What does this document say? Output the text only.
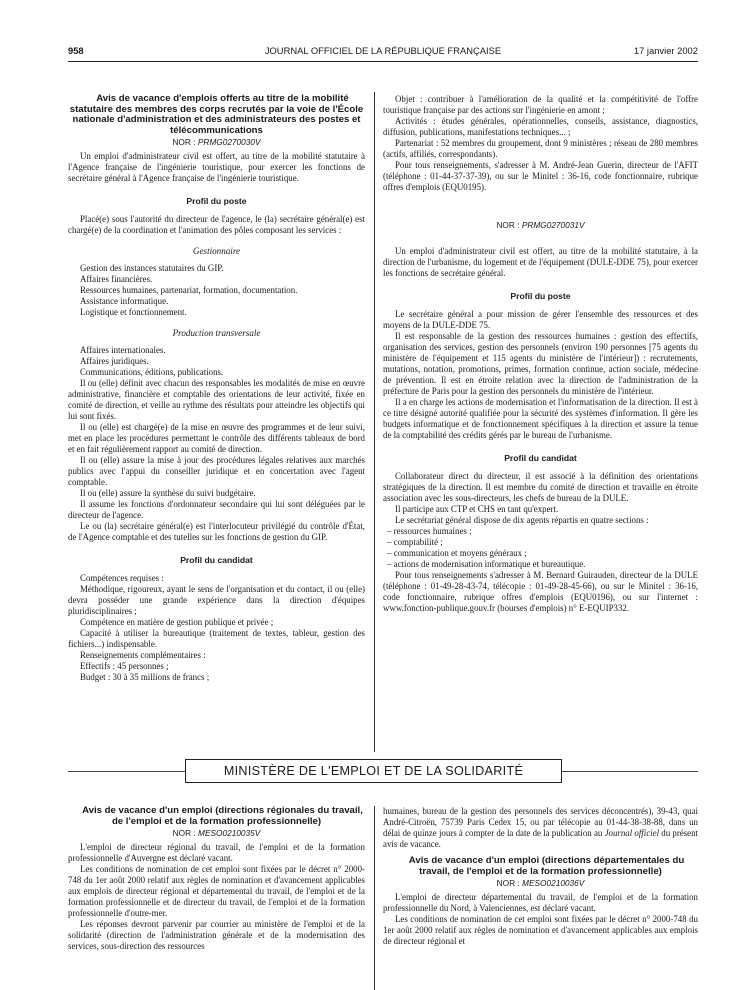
958	JOURNAL OFFICIEL DE LA RÉPUBLIQUE FRANÇAISE	17 janvier 2002

Avis de vacance d'emplois offerts au titre de la mobilité statutaire des membres des corps recrutés par la voie de l'École nationale d'administration et des administrateurs des postes et télécommunications

NOR : PRMG0270030V

Un emploi d'administrateur civil est offert, au titre de la mobilité statutaire à l'Agence française de l'ingénierie touristique, pour exercer les fonctions de secrétaire général à l'Agence française de l'ingénierie touristique.

Profil du poste

Placé(e) sous l'autorité du directeur de l'agence, le (la) secrétaire général(e) est chargé(e) de la coordination et l'animation des pôles composant les services :

Gestionnaire

Gestion des instances statutaires du GIP.

Affaires financières.

Ressources humaines, partenariat, formation, documentation.

Assistance informatique.

Logistique et fonctionnement.

Production transversale

Affaires internationales.

Affaires juridiques.

Communications, éditions, publications.

Il ou (elle) définit avec chacun des responsables les modalités de mise en œuvre administrative, financière et comptable des orientations de leur activité, fixée en comité de direction, et veille au rythme des résultats pour atteindre les objectifs qui lui sont fixés.

Il ou (elle) est chargé(e) de la mise en œuvre des programmes et de leur suivi, met en place les procédures permettant le contrôle des différents tableaux de bord et en fait régulièrement rapport au comité de direction.

Il ou (elle) assure la mise à jour des procédures légales relatives aux marchés publics avec l'appui du conseiller juridique et en concertation avec l'agent comptable.

Il ou (elle) assure la synthèse du suivi budgétaire.

Il assume les fonctions d'ordonnateur secondaire qui lui sont déléguées par le directeur de l'agence.

Le ou (la) secrétaire général(e) est l'interlocuteur privilégié du contrôle d'État, de l'Agence comptable et des tutelles sur les fonctions de gestion du GIP.

Profil du candidat

Compétences requises :

Méthodique, rigoureux, ayant le sens de l'organisation et du contact, il ou (elle) devra posséder une grande expérience dans la direction d'équipes pluridisciplinaires ;

Compétence en matière de gestion publique et privée ;

Capacité à utiliser la bureautique (traitement de textes, tableur, gestion des fichiers...) indispensable.

Renseignements complémentaires :

Effectifs : 45 personnes ;

Budget : 30 à 35 millions de francs ;

Objet : contribuer à l'amélioration de la qualité et la compétitivité de l'offre touristique française par des actions sur l'ingénierie en amont ;

Activités : études générales, opérationnelles, conseils, assistance, diagnostics, diffusion, publications, manifestations techniques... ;

Partenariat : 52 membres du groupement, dont 9 ministères ; réseau de 280 membres (actifs, affiliés, correspondants).

Pour tous renseignements, s'adresser à M. André-Jean Guerin, directeur de l'AFIT (téléphone : 01-44-37-37-39), ou sur le Minitel : 36-16, code fonctionnaire, rubrique offres d'emplois (EQU0195).

NOR : PRMG0270031V

Un emploi d'administrateur civil est offert, au titre de la mobilité statutaire, à la direction de l'urbanisme, du logement et de l'équipement (DULE-DDE 75), pour exercer les fonctions de secrétaire général.

Profil du poste

Le secrétaire général a pour mission de gérer l'ensemble des ressources et des moyens de la DULE-DDE 75.

Il est responsable de la gestion des ressources humaines : gestion des effectifs, organisation des services, gestion des personnels (environ 190 personnes [75 agents du ministère de l'équipement et 115 agents du ministère de l'intérieur]) : recrutements, mutations, notation, promotions, primes, formation continue, action sociale, médecine de prévention. Il est en étroite relation avec la direction de l'administration de la préfecture de Paris pour la gestion des personnels du ministère de l'intérieur.

Il a en charge les actions de modernisation et l'informatisation de la direction. Il est à ce titre désigné autorité qualifiée pour la sécurité des systèmes d'information. Il gère les budgets informatique et de fonctionnement spécifiques à la direction et assure la tenue de la comptabilité des crédits gérés par le bureau de l'urbanisme.

Profil du candidat

Collaborateur direct du directeur, il est associé à la définition des orientations stratégiques de la direction. Il est membre du comité de direction et travaille en étroite association avec les sous-directeurs, les chefs de bureau de la DULE.

Il participe aux CTP et CHS en tant qu'expert.

Le secrétariat général dispose de dix agents répartis en quatre sections :

– ressources humaines ;
– comptabilité ;
– communication et moyens généraux ;
– actions de modernisation informatique et bureautique.

Pour tous renseignements s'adresser à M. Bernard Guirauden, directeur de la DULE (téléphone : 01-49-28-43-74, télécopie : 01-49-28-45-66), ou sur le Minitel : 36-16, code fonctionnaire, rubrique offres d'emplois (EQU0196), ou sur l'internet : www.fonction-publique.gouv.fr (bourses d'emplois) n° E-EQUIP332.

MINISTÈRE DE L'EMPLOI ET DE LA SOLIDARITÉ

Avis de vacance d'un emploi (directions régionales du travail, de l'emploi et de la formation professionnelle)

NOR : MESO0210035V

L'emploi de directeur régional du travail, de l'emploi et de la formation professionnelle d'Auvergne est déclaré vacant.

Les conditions de nomination de cet emploi sont fixées par le décret n° 2000-748 du 1er août 2000 relatif aux règles de nomination et d'avancement applicables aux emplois de directeur régional et départemental du travail, de l'emploi et de la formation professionnelle et de directeur du travail, de l'emploi et de la formation professionnelle d'outre-mer.

Les réponses devront parvenir par courrier au ministère de l'emploi et de la solidarité (direction de l'administration générale et de la modernisation des services, sous-direction des ressources

humaines, bureau de la gestion des personnels des services déconcentrés), 39-43, quai André-Citroën, 75739 Paris Cedex 15, ou par télécopie au 01-44-38-38-88, dans un délai de quinze jours à compter de la date de la publication au Journal officiel du présent avis de vacance.

Avis de vacance d'un emploi (directions départementales du travail, de l'emploi et de la formation professionnelle)

NOR : MESO0210036V

L'emploi de directeur départemental du travail, de l'emploi et de la formation professionnelle du Nord, à Valenciennes, est déclaré vacant.

Les conditions de nomination de cet emploi sont fixées par le décret n° 2000-748 du 1er août 2000 relatif aux règles de nomination et d'avancement applicables aux emplois de directeur régional et
